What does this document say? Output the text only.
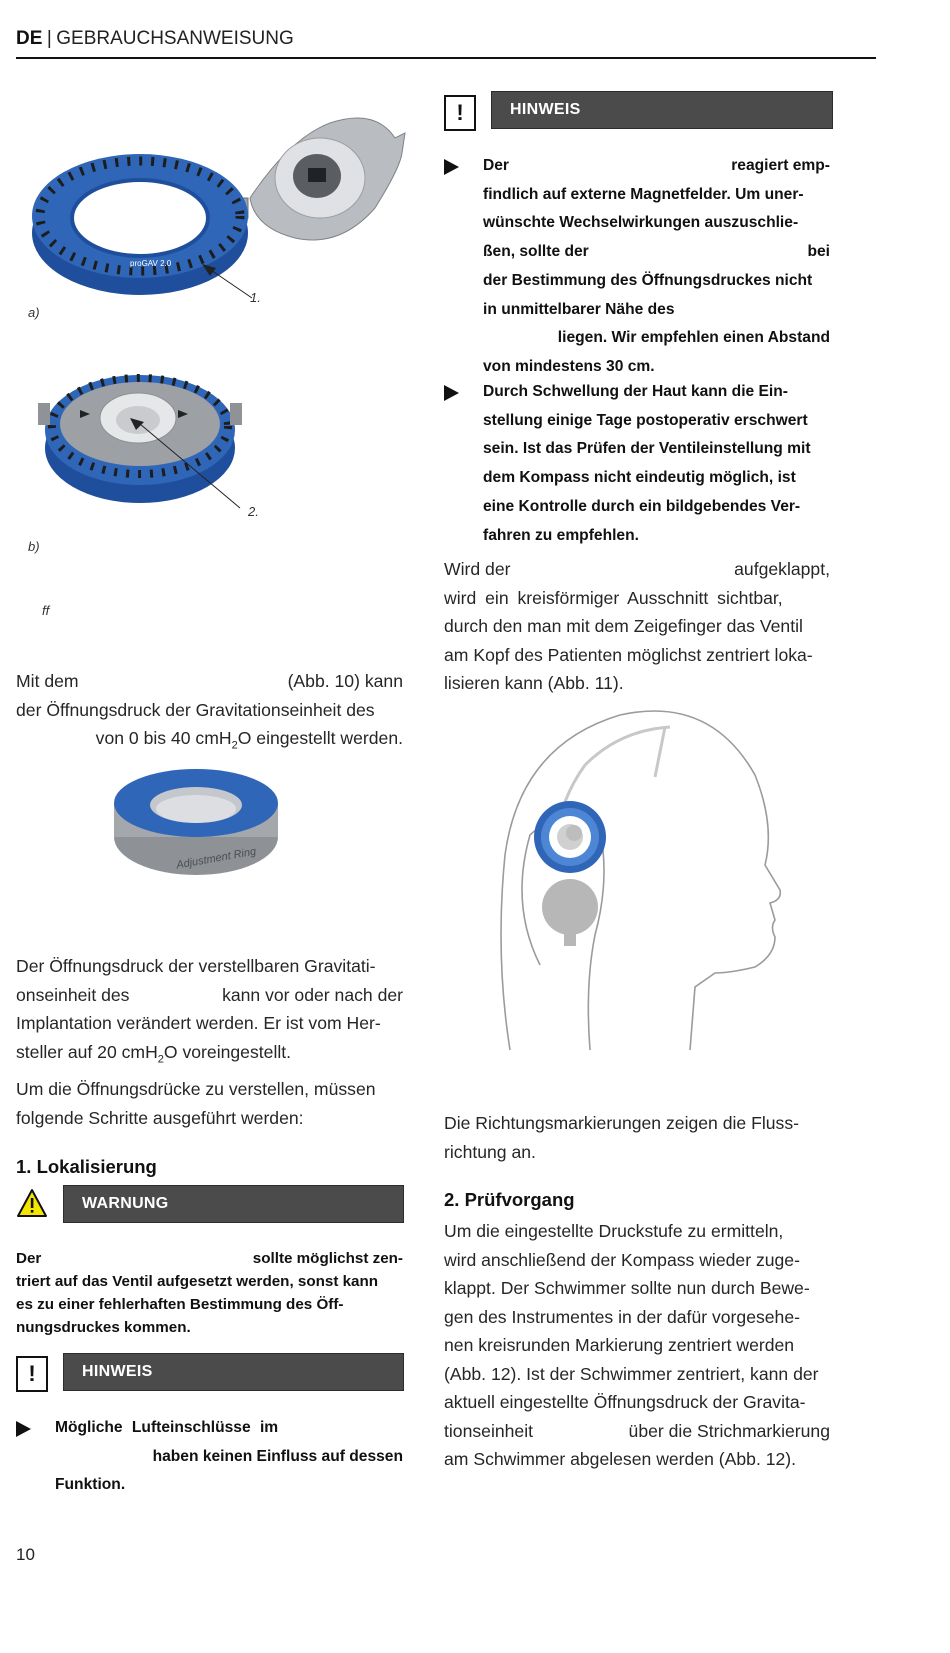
DE | GEBRAUCHSANWEISUNG
proGAV 2.0
1.
a)
2.
b)
ff
Mit dem	(Abb. 10) kann
der Öffnungsdruck der Gravitationseinheit des
von 0 bis 40 cmH$_2$O eingestellt werden.
Adjustment Ring
Der Öffnungsdruck der verstellbaren Gravitati-
onseinheit des	kann vor oder nach der
Implantation verändert werden. Er ist vom Her-
steller auf 20 cmH$_2$O voreingestellt.
Um die Öffnungsdrücke zu verstellen, müssen
folgende Schritte ausgeführt werden:
1. Lokalisierung
WARNUNG
Der	sollte möglichst zen-
triert auf das Ventil aufgesetzt werden, sonst kann
es zu einer fehlerhaften Bestimmung des Öff-
nungsdruckes kommen.
!	HINWEIS
Mögliche Lufteinschlüsse im
haben keinen Einfluss auf dessen
Funktion.
10
!	HINWEIS
Der	reagiert emp-
findlich auf externe Magnetfelder. Um uner-
wünschte Wechselwirkungen auszuschlie-
ßen, sollte der	bei
der Bestimmung des Öffnungsdruckes nicht
in unmittelbarer Nähe des
liegen. Wir empfehlen einen Abstand
von mindestens 30 cm.
Durch Schwellung der Haut kann die Ein-
stellung einige Tage postoperativ erschwert
sein. Ist das Prüfen der Ventileinstellung mit
dem Kompass nicht eindeutig möglich, ist
eine Kontrolle durch ein bildgebendes Ver-
fahren zu empfehlen.
Wird der	aufgeklappt,
wird ein kreisförmiger Ausschnitt sichtbar,
durch den man mit dem Zeigefinger das Ventil
am Kopf des Patienten möglichst zentriert loka-
lisieren kann (Abb. 11).
Die Richtungsmarkierungen zeigen die Fluss-
richtung an.
2. Prüfvorgang
Um die eingestellte Druckstufe zu ermitteln,
wird anschließend der Kompass wieder zuge-
klappt. Der Schwimmer sollte nun durch Bewe-
gen des Instrumentes in der dafür vorgesehe-
nen kreisrunden Markierung zentriert werden
(Abb. 12). Ist der Schwimmer zentriert, kann der
aktuell eingestellte Öffnungsdruck der Gravita-
tionseinheit	über die Strichmarkierung
am Schwimmer abgelesen werden (Abb. 12).
